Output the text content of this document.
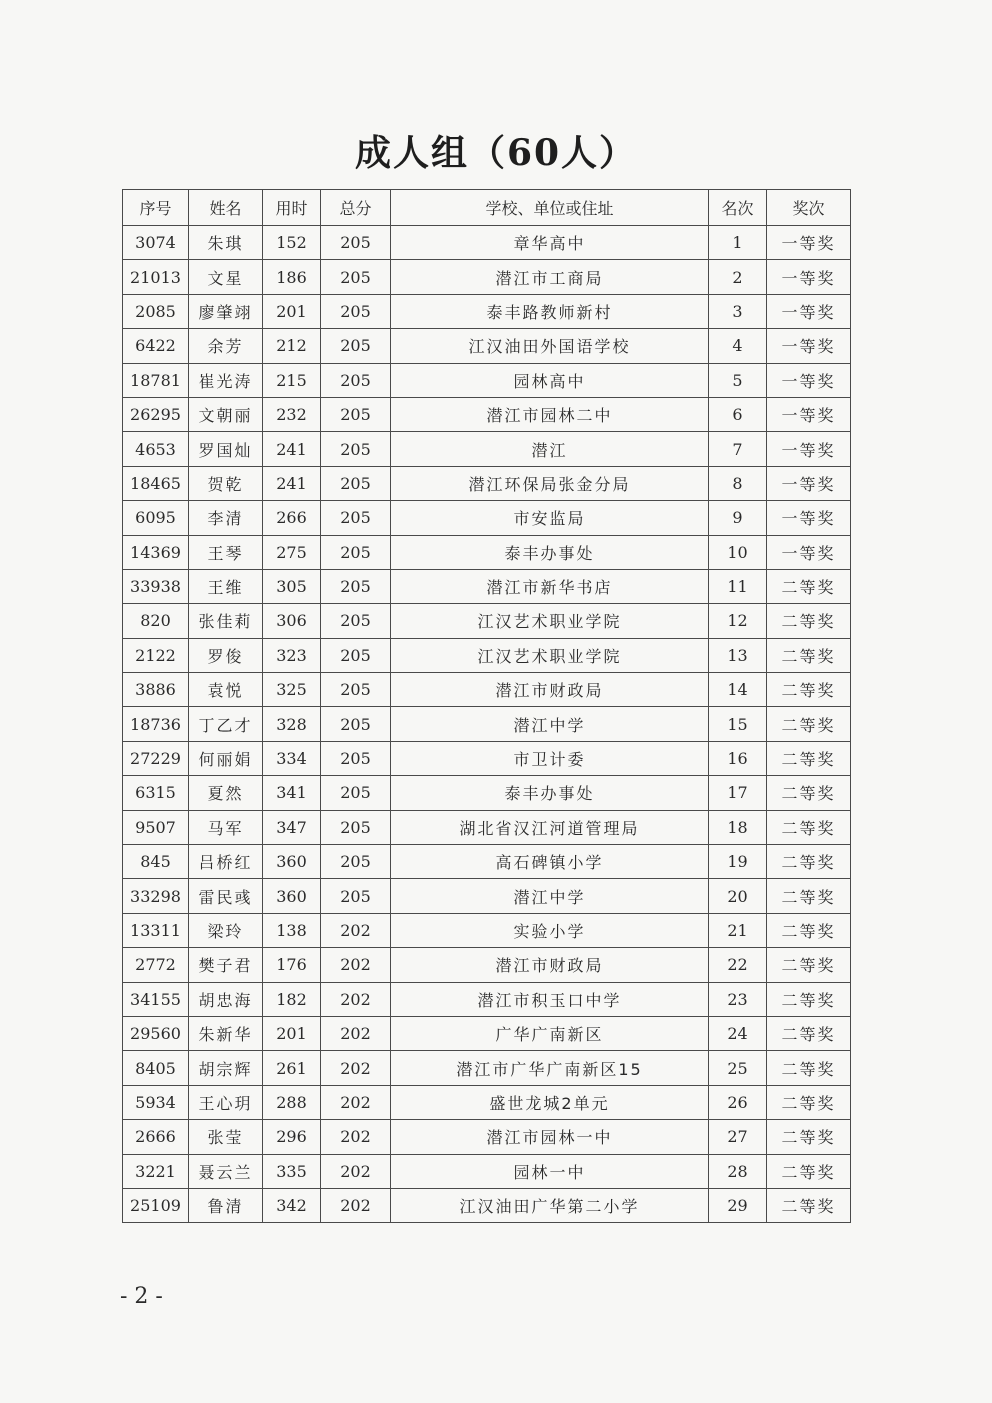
成人组（60人）
序号	姓名	用时	总分	学校、单位或住址	名次	奖次
3074	朱琪	152	205	章华高中	1	一等奖
21013	文星	186	205	潜江市工商局	2	一等奖
2085	廖肇翊	201	205	泰丰路教师新村	3	一等奖
6422	余芳	212	205	江汉油田外国语学校	4	一等奖
18781	崔光涛	215	205	园林高中	5	一等奖
26295	文朝丽	232	205	潜江市园林二中	6	一等奖
4653	罗国灿	241	205	潜江	7	一等奖
18465	贺乾	241	205	潜江环保局张金分局	8	一等奖
6095	李清	266	205	市安监局	9	一等奖
14369	王琴	275	205	泰丰办事处	10	一等奖
33938	王维	305	205	潜江市新华书店	11	二等奖
820	张佳莉	306	205	江汉艺术职业学院	12	二等奖
2122	罗俊	323	205	江汉艺术职业学院	13	二等奖
3886	袁悦	325	205	潜江市财政局	14	二等奖
18736	丁乙才	328	205	潜江中学	15	二等奖
27229	何丽娟	334	205	市卫计委	16	二等奖
6315	夏然	341	205	泰丰办事处	17	二等奖
9507	马军	347	205	湖北省汉江河道管理局	18	二等奖
845	吕桥红	360	205	高石碑镇小学	19	二等奖
33298	雷民彧	360	205	潜江中学	20	二等奖
13311	梁玲	138	202	实验小学	21	二等奖
2772	樊子君	176	202	潜江市财政局	22	二等奖
34155	胡忠海	182	202	潜江市积玉口中学	23	二等奖
29560	朱新华	201	202	广华广南新区	24	二等奖
8405	胡宗辉	261	202	潜江市广华广南新区15	25	二等奖
5934	王心玥	288	202	盛世龙城2单元	26	二等奖
2666	张莹	296	202	潜江市园林一中	27	二等奖
3221	聂云兰	335	202	园林一中	28	二等奖
25109	鲁清	342	202	江汉油田广华第二小学	29	二等奖
- 2 -
